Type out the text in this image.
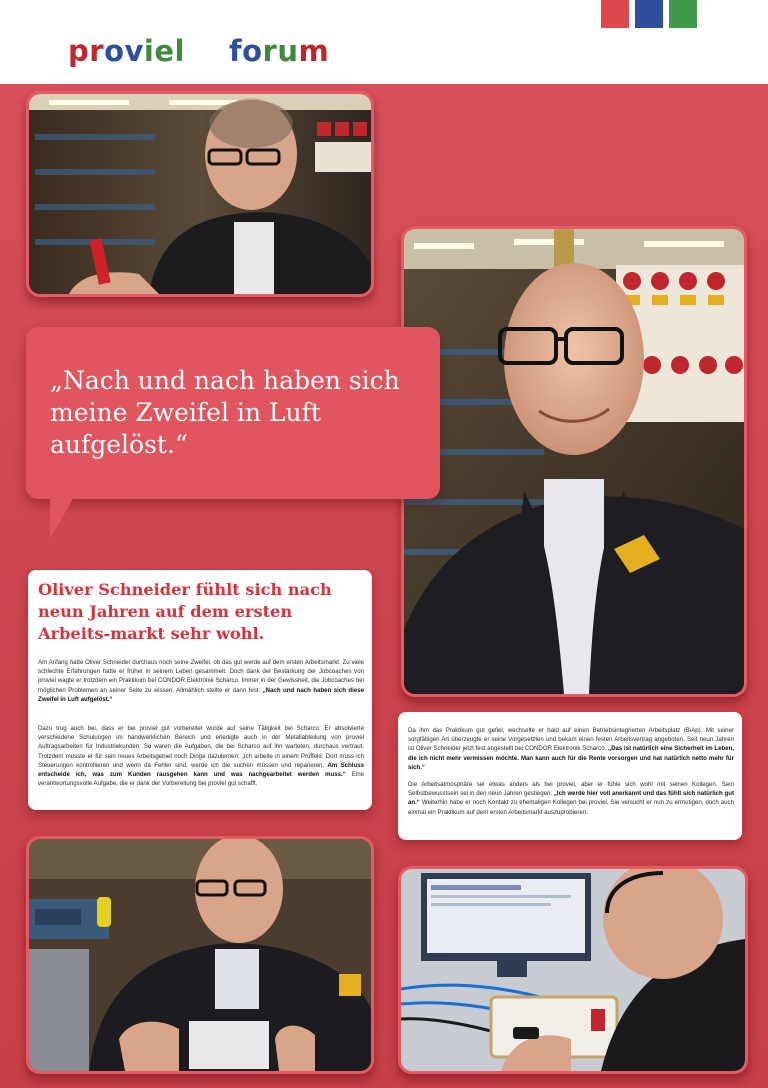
proviel forum
„Nach und nach haben sich meine Zweifel in Luft aufgelöst.“
Oliver Schneider fühlt sich nach neun Jahren auf dem ersten Arbeits-markt sehr wohl.
Am Anfang hatte Oliver Schneider durchaus noch seine Zweifel, ob das gut werde auf dem ersten Arbeitsmarkt. Zu viele schlechte Erfahrungen hatte er früher in seinem Leben gesammelt. Doch dank der Bestärkung der Jobcoaches von proviel wagte er trotzdem ein Praktikum bei CONDOR Elektronik Scharco. Immer in der Gewissheit, die Jobcoaches bei möglichen Problemen an seiner Seite zu wissen. Allmählich stellte er dann fest: „Nach und nach haben sich diese Zweifel in Luft aufgelöst.“
Dazu trug auch bei, dass er bei proviel gut vorbereitet wurde auf seine Tätigkeit bei Scharco. Er absolvierte verschiedene Schulungen im handwerklichen Bereich und erledigte auch in der Metallabteilung von proviel Auftragsarbeiten für Industriekunden. So waren die Aufgaben, die bei Scharco auf ihn warteten, durchaus vertraut. Trotzdem musste er für sein neues Arbeitsgebiet noch Dinge dazulernen: „Ich arbeite in einem Prüffeld. Dort muss ich Steuerungen kontrollieren und wenn da Fehler sind, werde ich die suchen müssen und reparieren. Am Schluss entscheide ich, was zum Kunden rausgehen kann und was nachgearbeitet werden muss.“ Eine verantwortungsvolle Aufgabe, die er dank der Vorbereitung bei proviel gut schafft.
Da ihm das Praktikum gut gefiel, wechselte er bald auf einen Betriebsintegrierten Arbeitsplatz (BiAp). Mit seiner sorgfältigen Art überzeugte er seine Vorgesetzten und bekam einen festen Arbeitsvertrag angeboten. Seit neun Jahren ist Oliver Schneider jetzt fest angestellt bei CONDOR Elektronik Scharco. „Das ist natürlich eine Sicherheit im Leben, die ich nicht mehr vermissen möchte. Man kann auch für die Rente vorsorgen und hat natürlich netto mehr für sich.“
Die Arbeitsatmosphäre sei etwas anders als bei proviel, aber er fühle sich wohl mit seinen Kollegen. Sein Selbstbewusstsein sei in den neun Jahren gestiegen: „Ich werde hier voll anerkannt und das fühlt sich natürlich gut an.“ Weiterhin habe er noch Kontakt zu ehemaligen Kollegen bei proviel. Sie versucht er nun zu ermutigen, doch auch einmal ein Praktikum auf dem ersten Arbeitsmarkt auszuprobieren.
